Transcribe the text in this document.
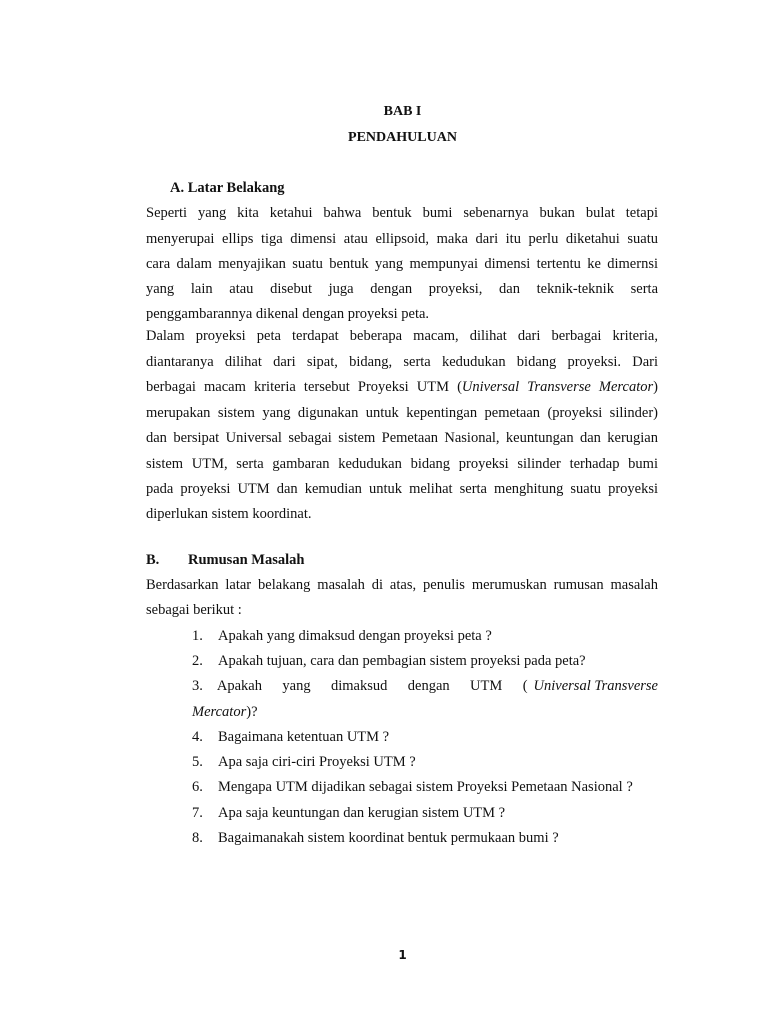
BAB I
PENDAHULUAN
A. Latar Belakang
Seperti yang kita ketahui bahwa bentuk bumi sebenarnya bukan bulat tetapi
menyerupai ellips tiga dimensi atau ellipsoid, maka dari itu perlu diketahui suatu
cara dalam menyajikan suatu bentuk yang mempunyai dimensi tertentu ke dimernsi
yang lain atau disebut juga dengan proyeksi, dan teknik-teknik serta
penggambarannya dikenal dengan proyeksi peta.
Dalam proyeksi peta terdapat beberapa macam, dilihat dari berbagai kriteria,
diantaranya dilihat dari sipat, bidang, serta kedudukan bidang proyeksi. Dari
berbagai macam kriteria tersebut Proyeksi UTM (Universal Transverse Mercator)
merupakan sistem yang digunakan untuk kepentingan pemetaan (proyeksi silinder)
dan bersipat Universal sebagai sistem Pemetaan Nasional, keuntungan dan kerugian
sistem UTM, serta gambaran kedudukan bidang proyeksi silinder terhadap bumi
pada proyeksi UTM dan kemudian untuk melihat serta menghitung suatu proyeksi
diperlukan sistem koordinat.
B. Rumusan Masalah
Berdasarkan latar belakang masalah di atas, penulis merumuskan rumusan masalah
sebagai berikut :
1. Apakah yang dimaksud dengan proyeksi peta ?
2. Apakah tujuan, cara dan pembagian sistem proyeksi pada peta?
3. Apakah yang dimaksud dengan UTM ( Universal Transverse
Mercator)?
4. Bagaimana ketentuan UTM ?
5. Apa saja ciri-ciri Proyeksi UTM ?
6. Mengapa UTM dijadikan sebagai sistem Proyeksi Pemetaan Nasional ?
7. Apa saja keuntungan dan kerugian sistem UTM ?
8. Bagaimanakah sistem koordinat bentuk permukaan bumi ?
1
